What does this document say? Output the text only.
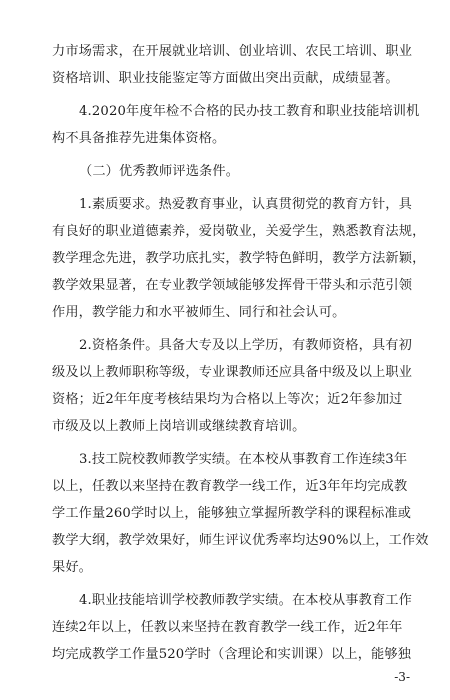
力市场需求，在开展就业培训、创业培训、农民工培训、职业
资格培训、职业技能鉴定等方面做出突出贡献，成绩显著。
4.2020年度年检不合格的民办技工教育和职业技能培训机
构不具备推荐先进集体资格。
（二）优秀教师评选条件。
1.素质要求。热爱教育事业，认真贯彻党的教育方针，具
有良好的职业道德素养，爱岗敬业，关爱学生，熟悉教育法规，
教学理念先进，教学功底扎实，教学特色鲜明，教学方法新颖，
教学效果显著，在专业教学领域能够发挥骨干带头和示范引领
作用，教学能力和水平被师生、同行和社会认可。
2.资格条件。具备大专及以上学历，有教师资格，具有初
级及以上教师职称等级，专业课教师还应具备中级及以上职业
资格；近2年年度考核结果均为合格以上等次；近2年参加过
市级及以上教师上岗培训或继续教育培训。
3.技工院校教师教学实绩。在本校从事教育工作连续3年
以上，任教以来坚持在教育教学一线工作，近3年年均完成教
学工作量260学时以上，能够独立掌握所教学科的课程标准或
教学大纲，教学效果好，师生评议优秀率均达90%以上，工作效
果好。
4.职业技能培训学校教师教学实绩。在本校从事教育工作
连续2年以上，任教以来坚持在教育教学一线工作，近2年年
均完成教学工作量520学时（含理论和实训课）以上，能够独
-3-
